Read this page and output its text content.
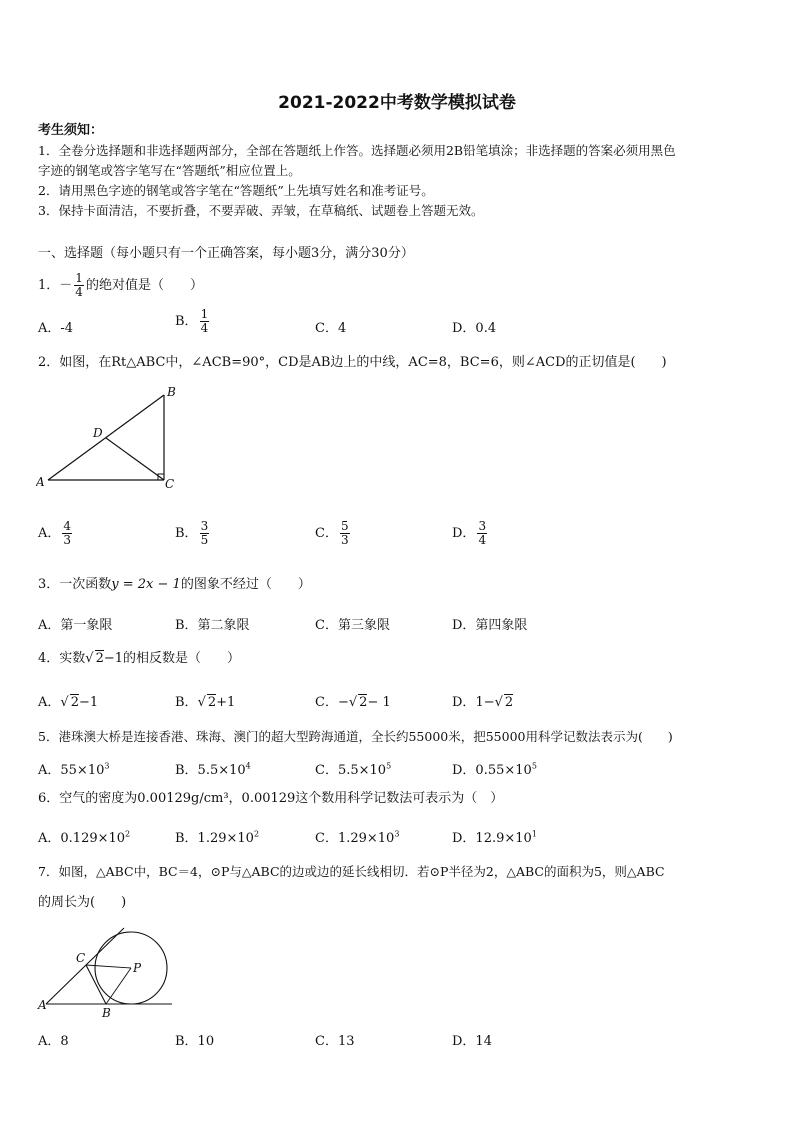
2021-2022中考数学模拟试卷
考生须知：
1．全卷分选择题和非选择题两部分，全部在答题纸上作答。选择题必须用2B铅笔填涂；非选择题的答案必须用黑色
字迹的钢笔或答字笔写在“答题纸”相应位置上。
2．请用黑色字迹的钢笔或答字笔在“答题纸”上先填写姓名和准考证号。
3．保持卡面清洁，不要折叠，不要弄破、弄皱，在草稿纸、试题卷上答题无效。
一、选择题（每小题只有一个正确答案，每小题3分，满分30分）
1．－ $\frac{1}{4}$ 的绝对值是（　　）
A．-4	B． $\frac{1}{4}$	C．4	D．0.4
2．如图，在Rt△ABC中，∠ACB=90°，CD是AB边上的中线，AC=8，BC=6，则∠ACD的正切值是(　　)
A
B
C
D
A． $\frac{4}{3}$	B． $\frac{3}{5}$	C． $\frac{5}{3}$	D． $\frac{3}{4}$
3．一次函数y = 2x − 1的图象不经过（　　）
A．第一象限	B．第二象限	C．第三象限	D．第四象限
4．实数√ 2−1的相反数是（　　）
A．√ 2−1	B．√ 2+1	C．−√ 2− 1	D．1−√ 2
5．港珠澳大桥是连接香港、珠海、澳门的超大型跨海通道，全长约55000米，把55000用科学记数法表示为(　　)
A．$55\times 10^3$	B．$5.5\times 10^4$	C．$5.5\times 10^5$	D．$0.55\times 10^5$
6．空气的密度为0.00129g/cm³，0.00129这个数用科学记数法可表示为（　）
A．$0.129\times 10^2$	B．$1.29\times 10^2$	C．$1.29\times 10^3$	D．$12.9\times 10^1$
7．如图，△ABC中，BC＝4，⊙P与△ABC的边或边的延长线相切．若⊙P半径为2，△ABC的面积为5，则△ABC
的周长为(　　)
A
B
C
P
A．8	B．10	C．13	D．14
